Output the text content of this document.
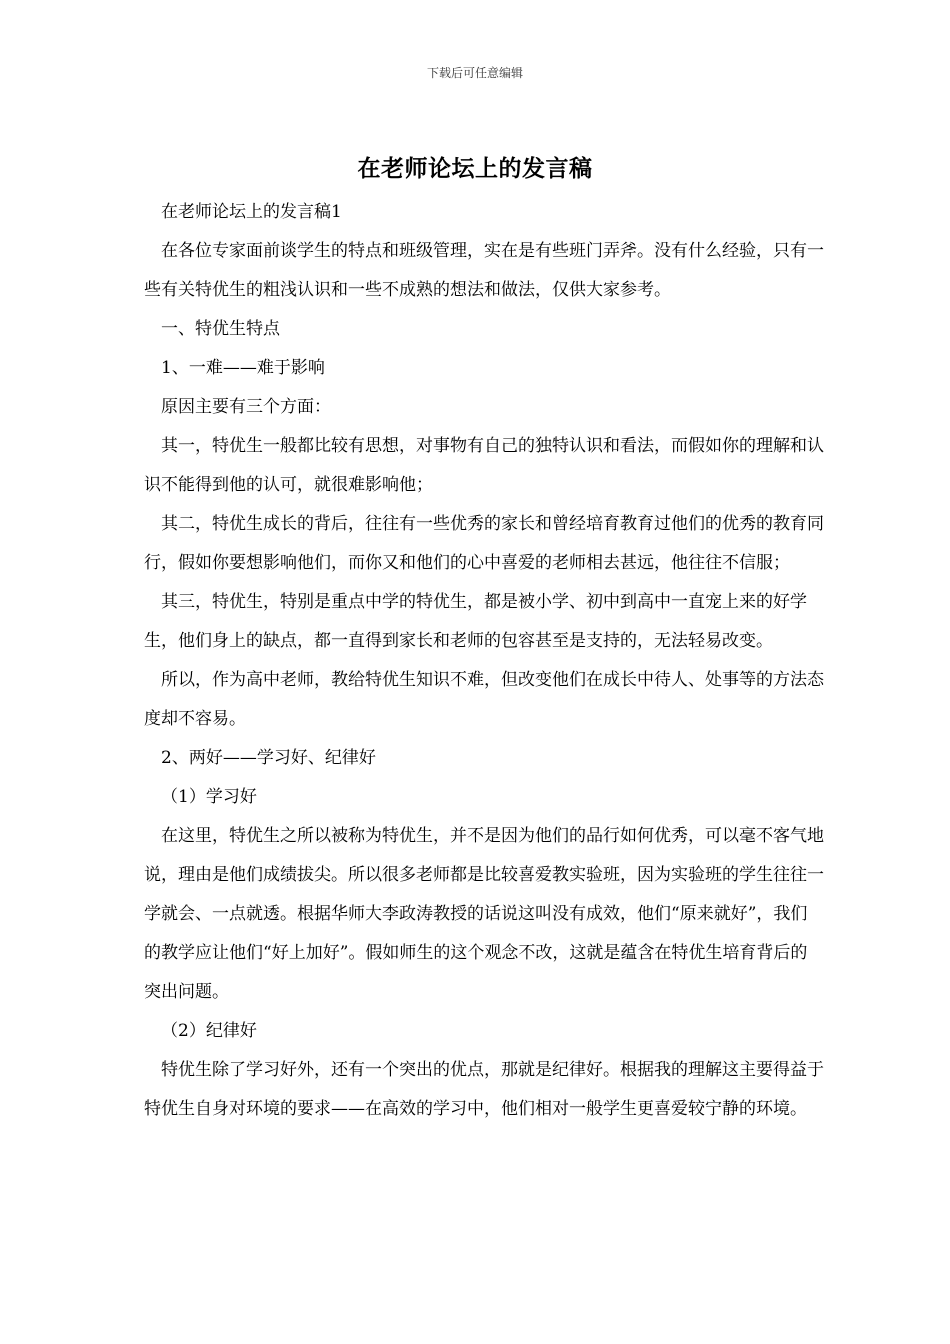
下载后可任意编辑
在老师论坛上的发言稿

在老师论坛上的发言稿1

在各位专家面前谈学生的特点和班级管理，实在是有些班门弄斧。没有什么经验，只有一些有关特优生的粗浅认识和一些不成熟的想法和做法，仅供大家参考。

一、特优生特点

1、一难——难于影响

原因主要有三个方面：

其一，特优生一般都比较有思想，对事物有自己的独特认识和看法，而假如你的理解和认识不能得到他的认可，就很难影响他；

其二，特优生成长的背后，往往有一些优秀的家长和曾经培育教育过他们的优秀的教育同行，假如你要想影响他们，而你又和他们的心中喜爱的老师相去甚远，他往往不信服；

其三，特优生，特别是重点中学的特优生，都是被小学、初中到高中一直宠上来的好学生，他们身上的缺点，都一直得到家长和老师的包容甚至是支持的，无法轻易改变。

所以，作为高中老师，教给特优生知识不难，但改变他们在成长中待人、处事等的方法态度却不容易。

2、两好——学习好、纪律好

（1）学习好

在这里，特优生之所以被称为特优生，并不是因为他们的品行如何优秀，可以毫不客气地说，理由是他们成绩拔尖。所以很多老师都是比较喜爱教实验班，因为实验班的学生往往一学就会、一点就透。根据华师大李政涛教授的话说这叫没有成效，他们“原来就好”，我们的教学应让他们“好上加好”。假如师生的这个观念不改，这就是蕴含在特优生培育背后的突出问题。

（2）纪律好

特优生除了学习好外，还有一个突出的优点，那就是纪律好。根据我的理解这主要得益于特优生自身对环境的要求——在高效的学习中，他们相对一般学生更喜爱较宁静的环境。
